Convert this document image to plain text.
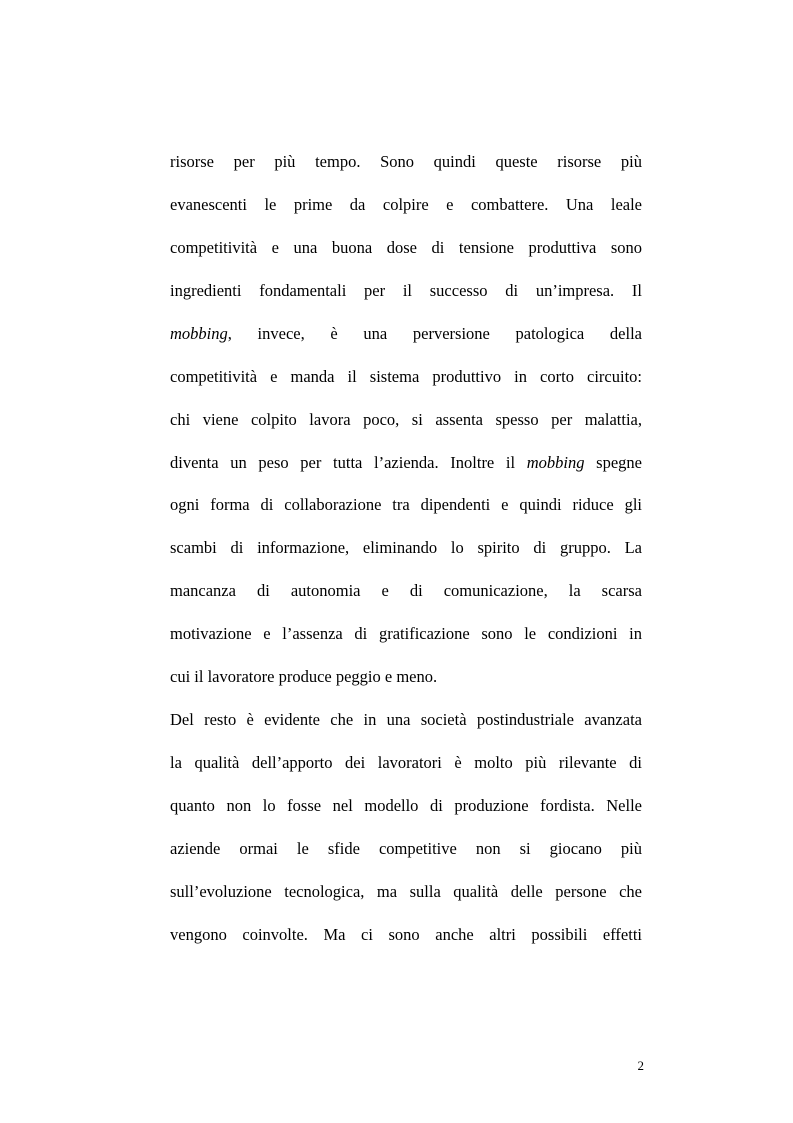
risorse per più tempo. Sono quindi queste risorse più
evanescenti le prime da colpire e combattere. Una leale
competitività e una buona dose di tensione produttiva sono
ingredienti fondamentali per il successo di un’impresa. Il
mobbing, invece, è una perversione patologica della
competitività e manda il sistema produttivo in corto circuito:
chi viene colpito lavora poco, si assenta spesso per malattia,
diventa un peso per tutta l’azienda. Inoltre il mobbing spegne
ogni forma di collaborazione tra dipendenti e quindi riduce gli
scambi di informazione, eliminando lo spirito di gruppo. La
mancanza di autonomia e di comunicazione, la scarsa
motivazione e l’assenza di gratificazione sono le condizioni in
cui il lavoratore produce peggio e meno.
Del resto è evidente che in una società postindustriale avanzata
la qualità dell’apporto dei lavoratori è molto più rilevante di
quanto non lo fosse nel modello di produzione fordista. Nelle
aziende ormai le sfide competitive non si giocano più
sull’evoluzione tecnologica, ma sulla qualità delle persone che
vengono coinvolte. Ma ci sono anche altri possibili effetti
2
